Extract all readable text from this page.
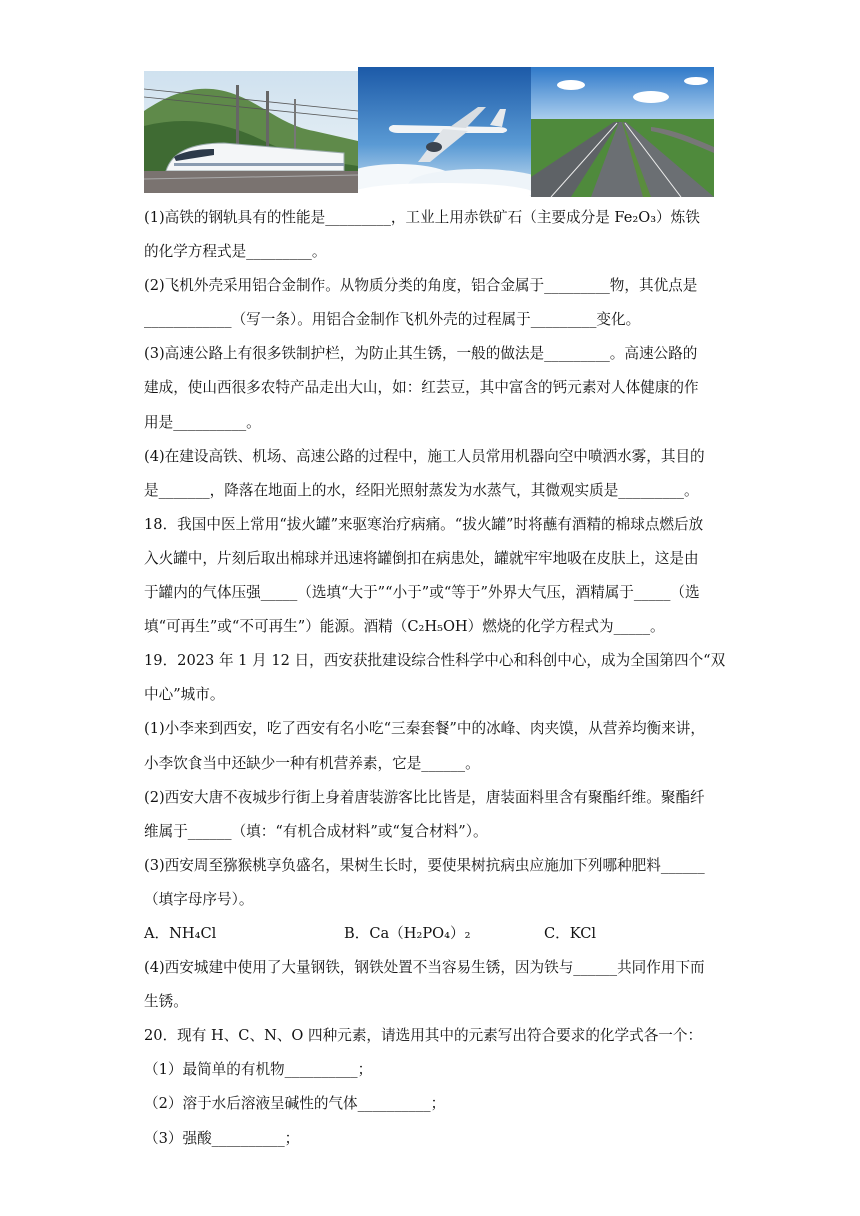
(1)高铁的钢轨具有的性能是_________，工业上用赤铁矿石（主要成分是 Fe₂O₃）炼铁

的化学方程式是_________。

(2)飞机外壳采用铝合金制作。从物质分类的角度，铝合金属于_________物，其优点是

____________（写一条）。用铝合金制作飞机外壳的过程属于_________变化。

(3)高速公路上有很多铁制护栏，为防止其生锈，一般的做法是_________。高速公路的

建成，使山西很多农特产品走出大山，如：红芸豆，其中富含的钙元素对人体健康的作

用是__________。

(4)在建设高铁、机场、高速公路的过程中，施工人员常用机器向空中喷洒水雾，其目的

是_______，降落在地面上的水，经阳光照射蒸发为水蒸气，其微观实质是_________。

18．我国中医上常用“拔火罐”来驱寒治疗病痛。“拔火罐”时将蘸有酒精的棉球点燃后放

入火罐中，片刻后取出棉球并迅速将罐倒扣在病患处，罐就牢牢地吸在皮肤上，这是由

于罐内的气体压强_____（选填“大于”“小于”或“等于”外界大气压，酒精属于_____（选

填“可再生”或“不可再生”）能源。酒精（C₂H₅OH）燃烧的化学方程式为_____。

19．2023 年 1 月 12 日，西安获批建设综合性科学中心和科创中心，成为全国第四个“双

中心”城市。

(1)小李来到西安，吃了西安有名小吃“三秦套餐”中的冰峰、肉夹馍，从营养均衡来讲，

小李饮食当中还缺少一种有机营养素，它是______。

(2)西安大唐不夜城步行街上身着唐装游客比比皆是，唐装面料里含有聚酯纤维。聚酯纤

维属于______（填：“有机合成材料”或“复合材料”）。

(3)西安周至猕猴桃享负盛名，果树生长时，要使果树抗病虫应施加下列哪种肥料______

（填字母序号）。

A．NH₄Cl	B．Ca（H₂PO₄）₂	C．KCl

(4)西安城建中使用了大量钢铁，钢铁处置不当容易生锈，因为铁与______共同作用下而

生锈。

20．现有 H、C、N、O 四种元素，请选用其中的元素写出符合要求的化学式各一个：

（1）最简单的有机物__________；

（2）溶于水后溶液呈碱性的气体__________；

（3）强酸__________；
